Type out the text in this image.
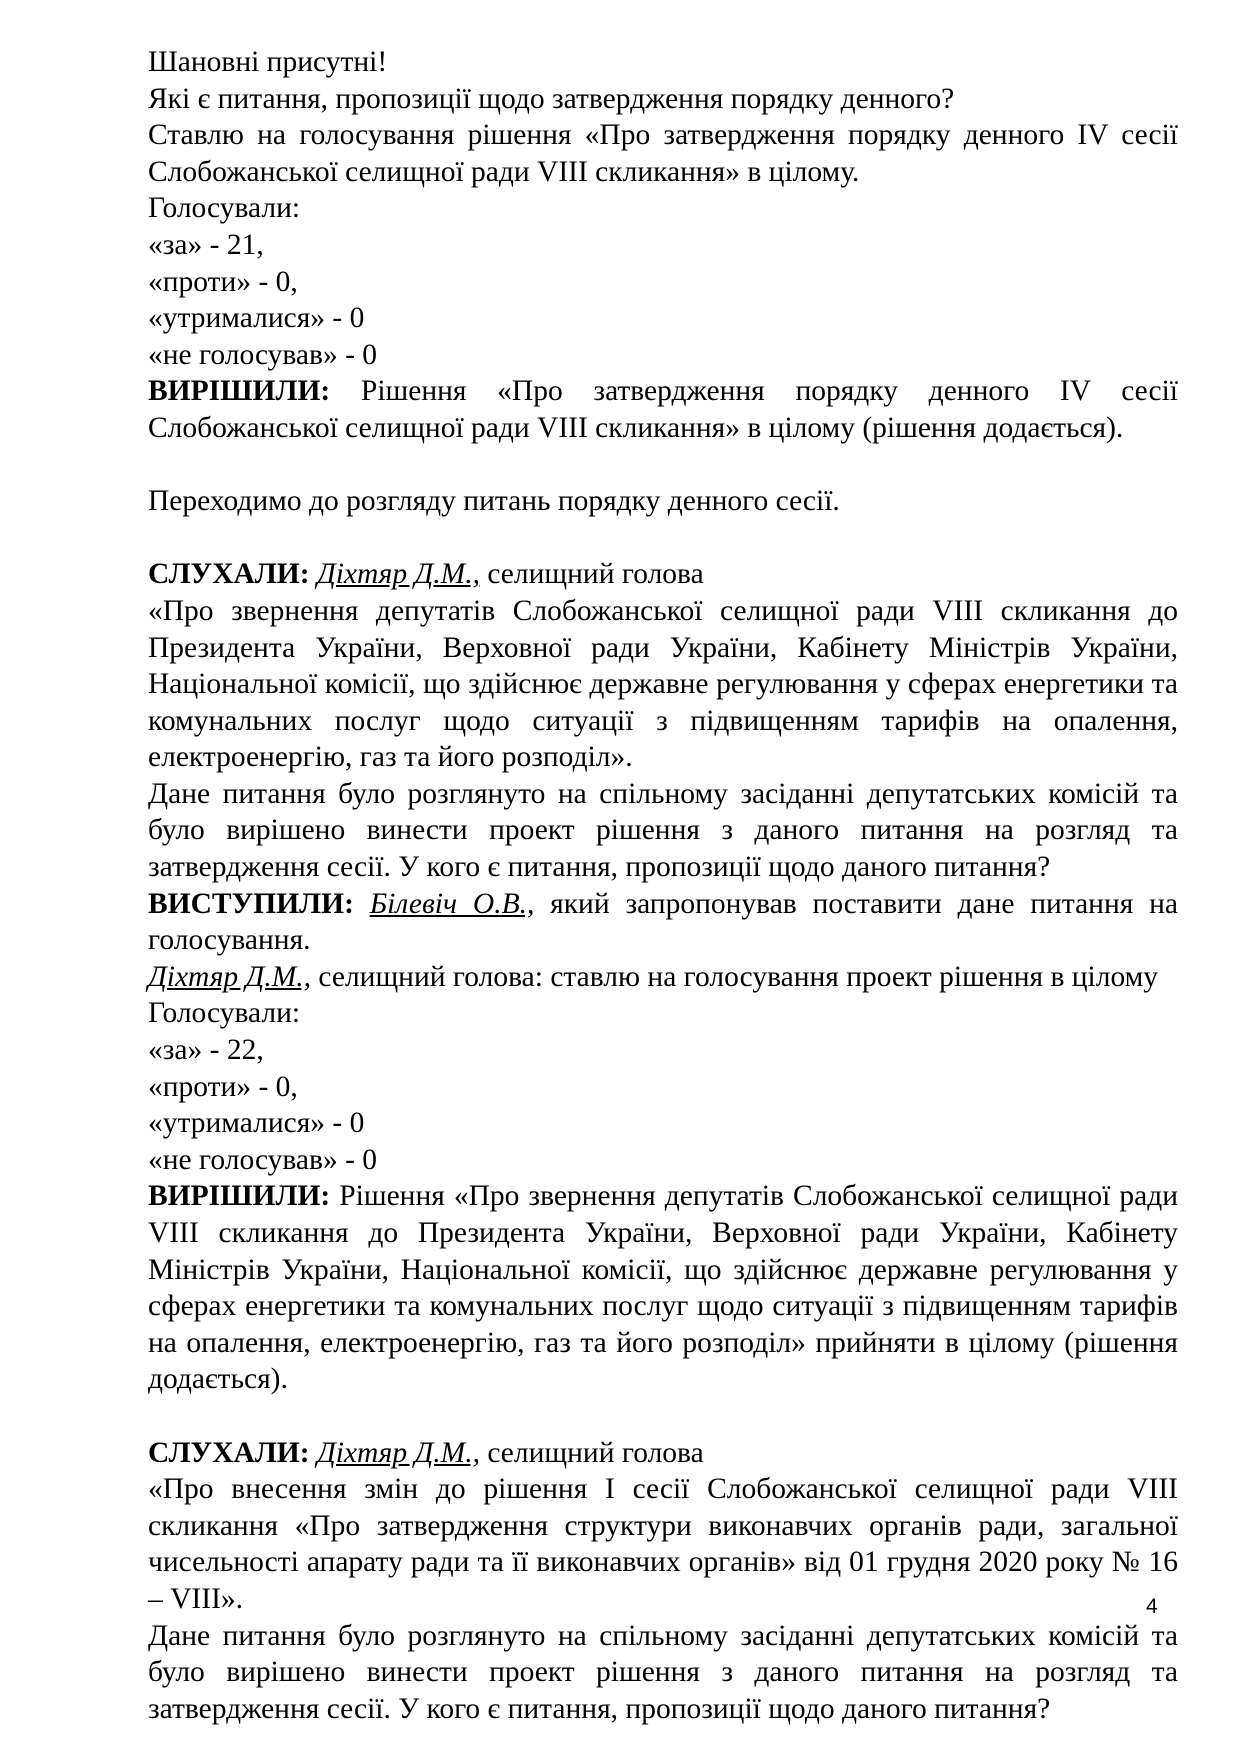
Шановні присутні!

Які є питання, пропозиції щодо затвердження порядку денного?

Ставлю на голосування рішення «Про затвердження порядку денного IV сесії Слобожанської селищної ради VIII скликання» в цілому.

Голосували:

«за» - 21,

«проти» - 0,

«утрималися» - 0

«не голосував» - 0

ВИРІШИЛИ: Рішення «Про затвердження порядку денного IV сесії Слобожанської селищної ради VIII скликання» в цілому (рішення додається).

Переходимо до розгляду питань порядку денного сесії.

СЛУХАЛИ: Діхтяр Д.М., селищний голова

«Про звернення депутатів Слобожанської селищної ради VIII скликання до Президента України, Верховної ради України, Кабінету Міністрів України, Національної комісії, що здійснює державне регулювання у сферах енергетики та комунальних послуг щодо ситуації з підвищенням тарифів на опалення, електроенергію, газ та його розподіл».

Дане питання було розглянуто на спільному засіданні депутатських комісій та було вирішено винести проект рішення з даного питання на розгляд та затвердження сесії. У кого є питання, пропозиції щодо даного питання?

ВИСТУПИЛИ: Білевіч О.В., який запропонував поставити дане питання на голосування.

Діхтяр Д.М., селищний голова: ставлю на голосування проект рішення в цілому

Голосували:

«за» - 22,

«проти» - 0,

«утрималися» - 0

«не голосував» - 0

ВИРІШИЛИ: Рішення «Про звернення депутатів Слобожанської селищної ради VIII скликання до Президента України, Верховної ради України, Кабінету Міністрів України, Національної комісії, що здійснює державне регулювання у сферах енергетики та комунальних послуг щодо ситуації з підвищенням тарифів на опалення, електроенергію, газ та його розподіл» прийняти в цілому (рішення додається).

СЛУХАЛИ: Діхтяр Д.М., селищний голова

«Про внесення змін до рішення І сесії Слобожанської селищної ради VIII скликання «Про затвердження структури виконавчих органів ради, загальної чисельності апарату ради та її виконавчих органів» від 01 грудня 2020 року № 16 – VIII».

Дане питання було розглянуто на спільному засіданні депутатських комісій та було вирішено винести проект рішення з даного питання на розгляд та затвердження сесії. У кого є питання, пропозиції щодо даного питання?

4
